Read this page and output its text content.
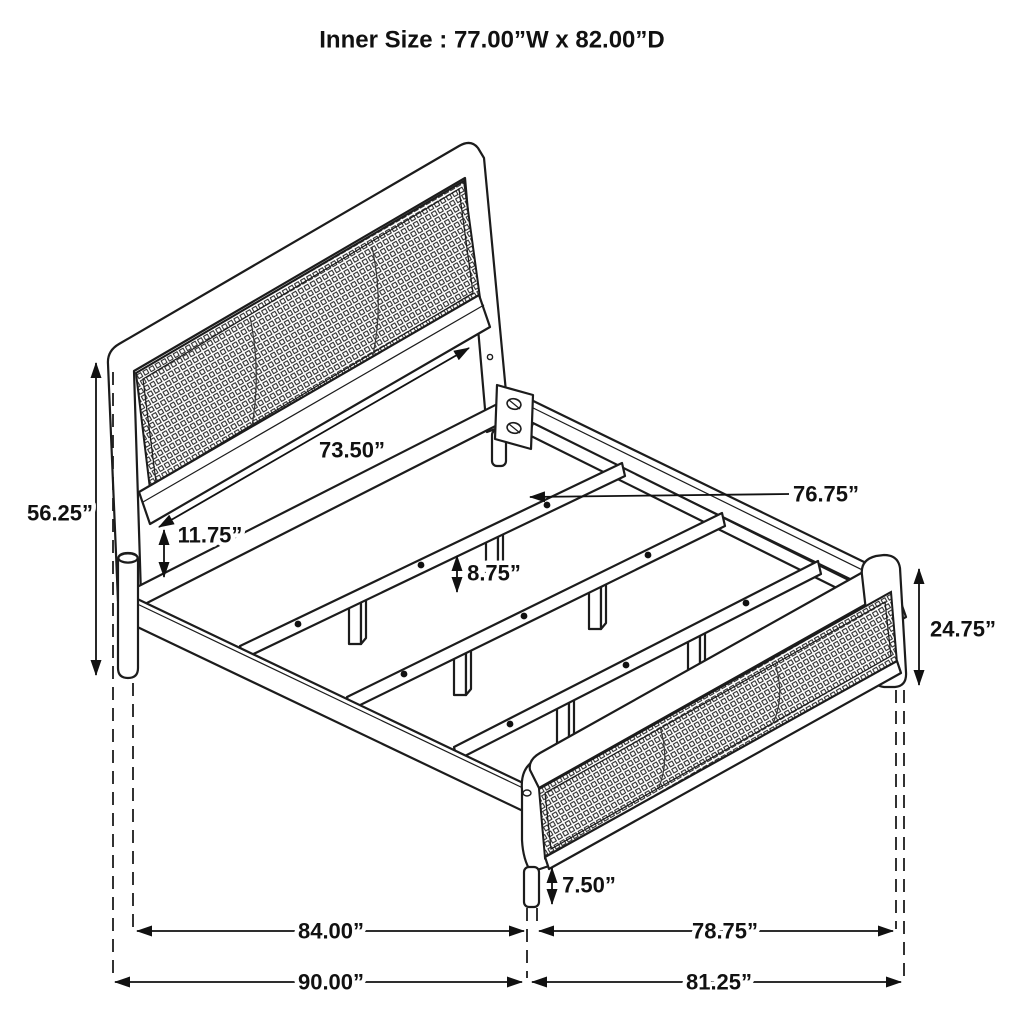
56.25”
73.50”
11.75”
8.75”
76.75”
24.75”
7.50”
84.00”	78.75”
90.00”	81.25”
Inner Size : 77.00”W x 82.00”D
